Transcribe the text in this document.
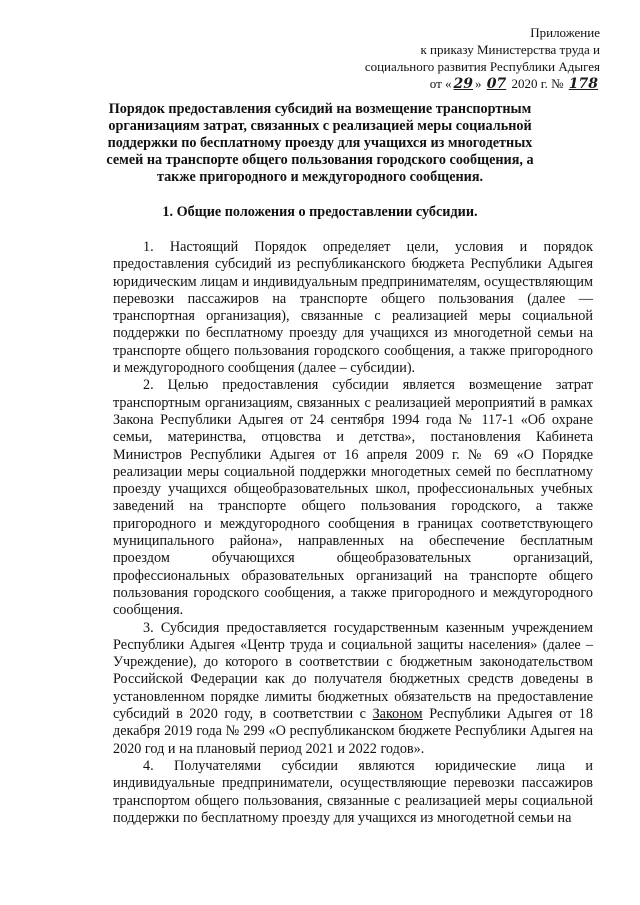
Приложение
к приказу Министерства труда и
социального развития Республики Адыгея
от « 29 » 07 2020 г. № 178
Порядок предоставления субсидий на возмещение транспортным организациям затрат, связанных с реализацией меры социальной поддержки по бесплатному проезду для учащихся из многодетных семей на транспорте общего пользования городского сообщения, а также пригородного и междугородного сообщения.
1. Общие положения о предоставлении субсидии.

1. Настоящий Порядок определяет цели, условия и порядок предоставления субсидий из республиканского бюджета Республики Адыгея юридическим лицам и индивидуальным предпринимателям, осуществляющим перевозки пассажиров на транспорте общего пользования (далее — транспортная организация), связанные с реализацией меры социальной поддержки по бесплатному проезду для учащихся из многодетной семьи на транспорте общего пользования городского сообщения, а также пригородного и междугородного сообщения (далее – субсидии).

2. Целью предоставления субсидии является возмещение затрат транспортным организациям, связанных с реализацией мероприятий в рамках Закона Республики Адыгея от 24 сентября 1994 года № 117-1 «Об охране семьи, материнства, отцовства и детства», постановления Кабинета Министров Республики Адыгея от 16 апреля 2009 г. № 69 «О Порядке реализации меры социальной поддержки многодетных семей по бесплатному проезду учащихся общеобразовательных школ, профессиональных учебных заведений на транспорте общего пользования городского, а также пригородного и междугородного сообщения в границах соответствующего муниципального района», направленных на обеспечение бесплатным проездом обучающихся общеобразовательных организаций, профессиональных образовательных организаций на транспорте общего пользования городского сообщения, а также пригородного и междугородного сообщения.

3. Субсидия предоставляется государственным казенным учреждением Республики Адыгея «Центр труда и социальной защиты населения» (далее – Учреждение), до которого в соответствии с бюджетным законодательством Российской Федерации как до получателя бюджетных средств доведены в установленном порядке лимиты бюджетных обязательств на предоставление субсидий в 2020 году, в соответствии с Законом Республики Адыгея от 18 декабря 2019 года № 299 «О республиканском бюджете Республики Адыгея на 2020 год и на плановый период 2021 и 2022 годов».

4. Получателями субсидии являются юридические лица и индивидуальные предприниматели, осуществляющие перевозки пассажиров транспортом общего пользования, связанные с реализацией меры социальной поддержки по бесплатному проезду для учащихся из многодетной семьи на
